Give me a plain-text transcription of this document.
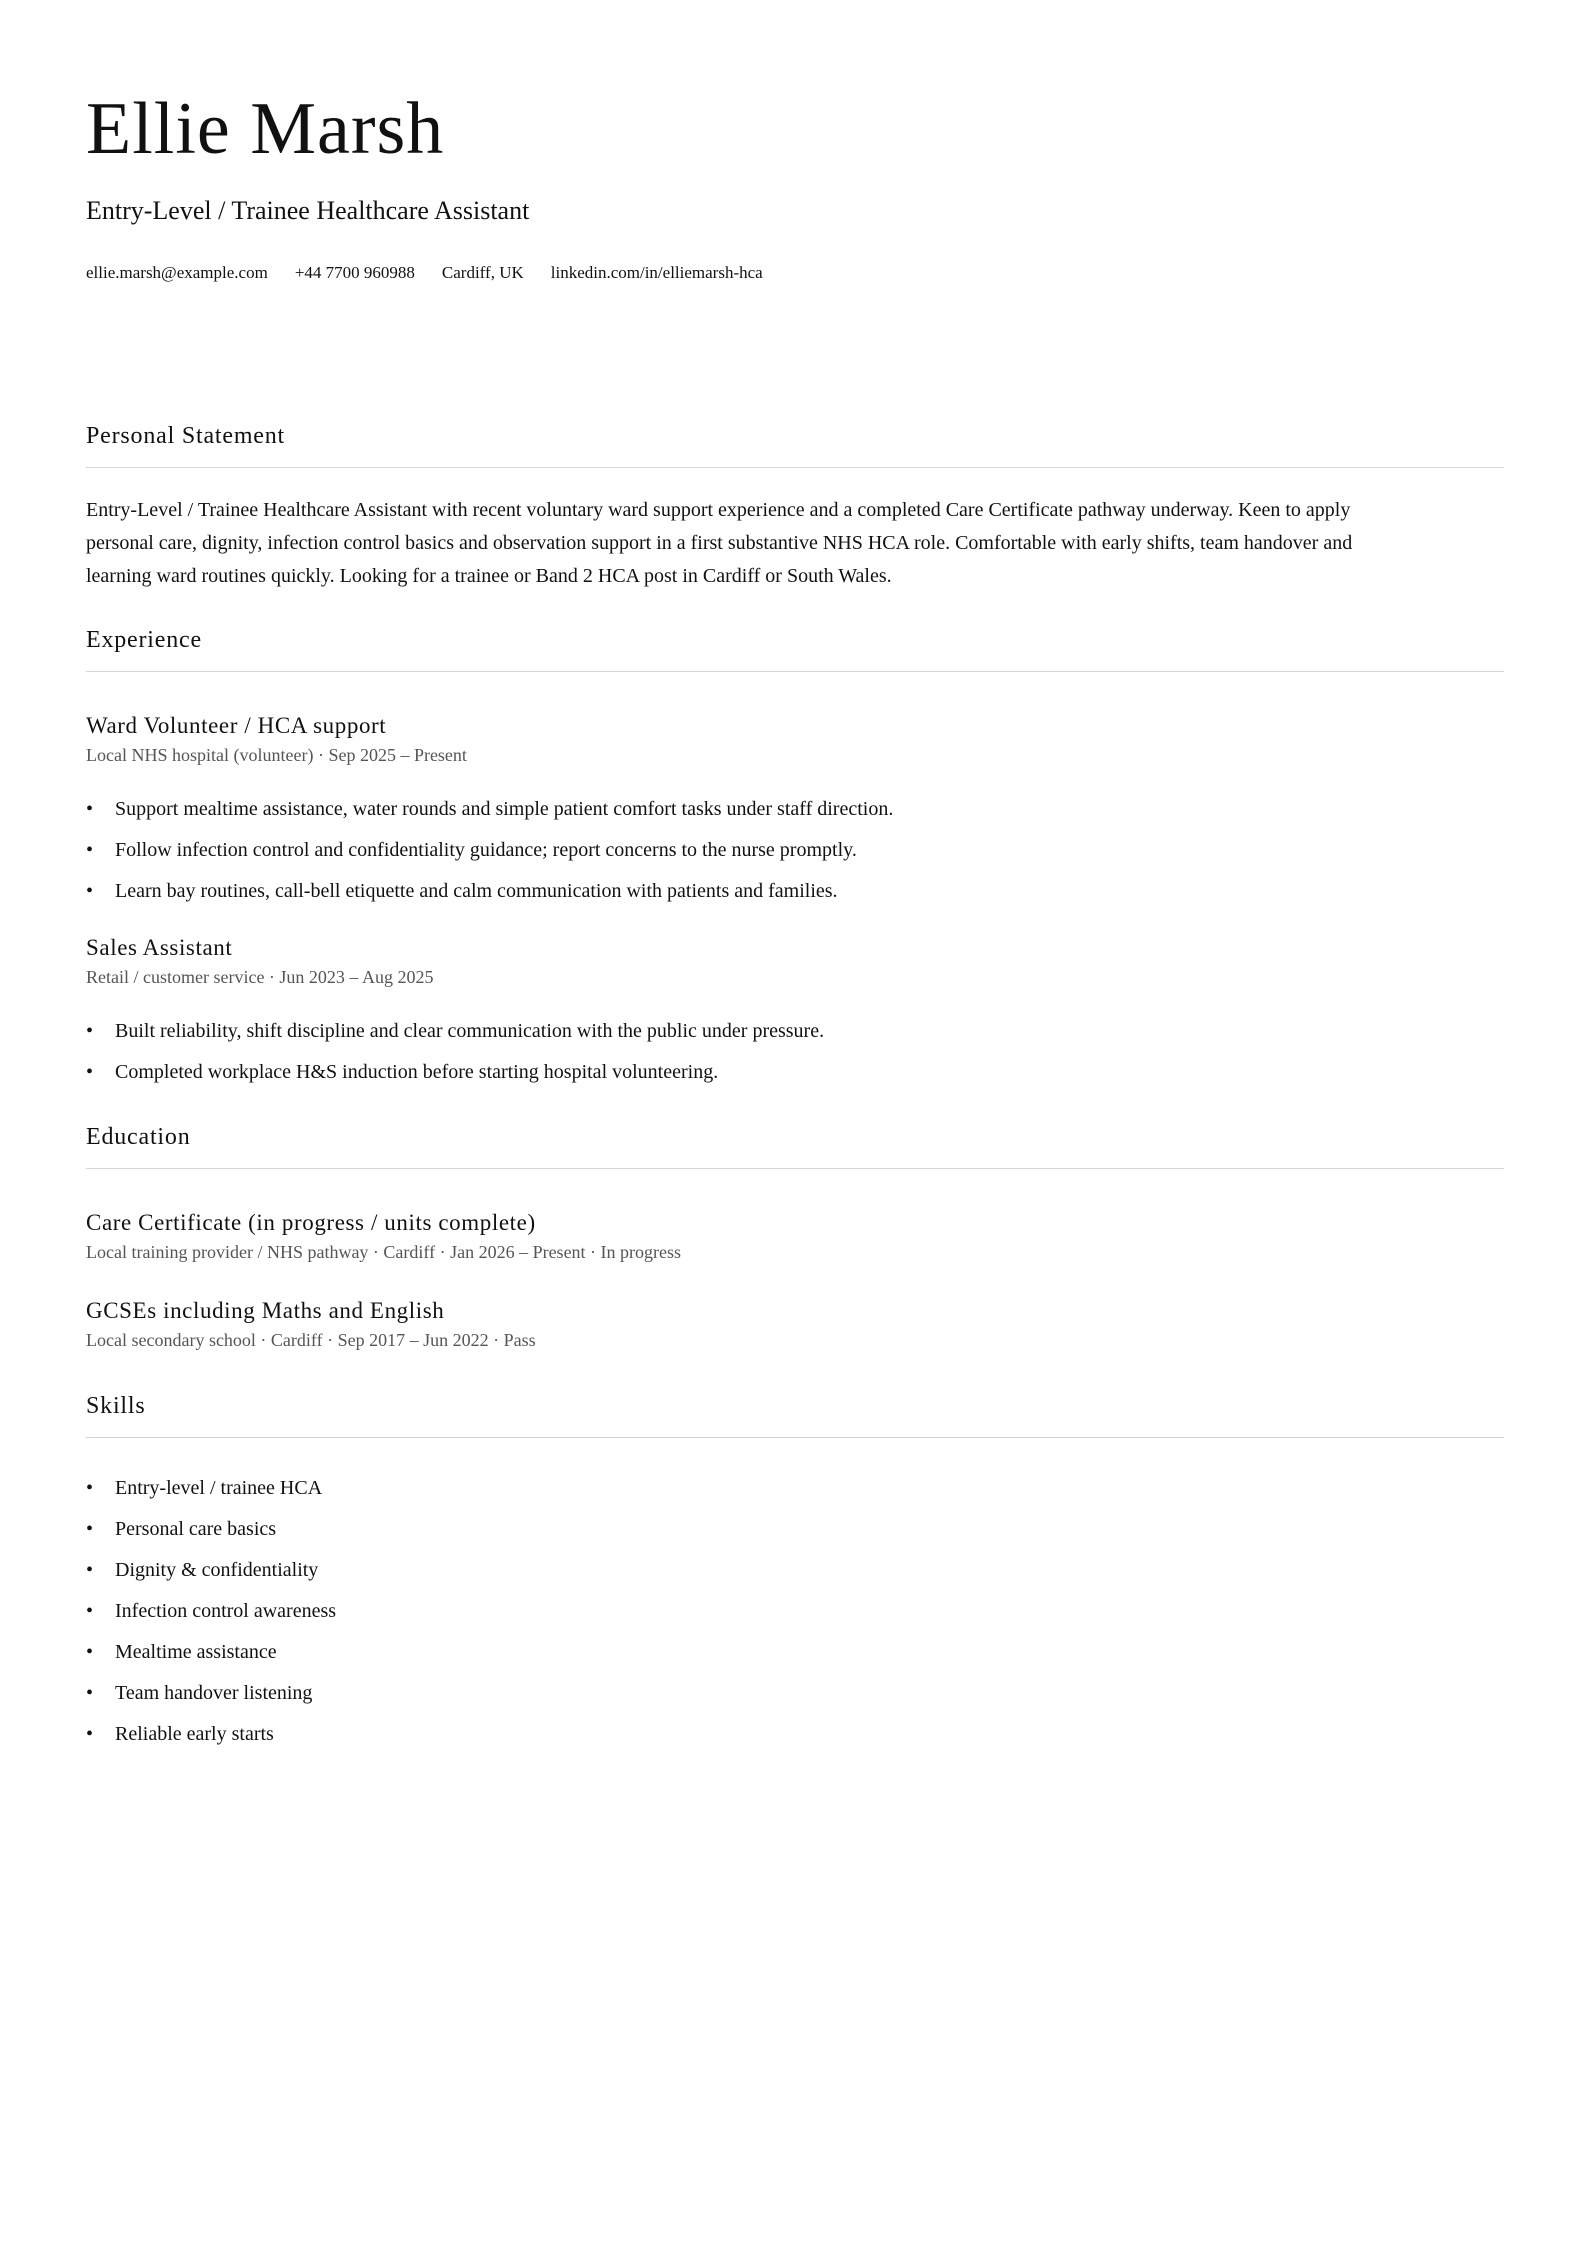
Ellie Marsh
Entry-Level / Trainee Healthcare Assistant
ellie.marsh@example.com +44 7700 960988 Cardiff, UK linkedin.com/in/elliemarsh-hca
Personal Statement
Entry-Level / Trainee Healthcare Assistant with recent voluntary ward support experience and a completed Care Certificate pathway underway. Keen to apply
personal care, dignity, infection control basics and observation support in a first substantive NHS HCA role. Comfortable with early shifts, team handover and
learning ward routines quickly. Looking for a trainee or Band 2 HCA post in Cardiff or South Wales.
Experience
Ward Volunteer / HCA support
Local NHS hospital (volunteer) · Sep 2025 – Present
• Support mealtime assistance, water rounds and simple patient comfort tasks under staff direction.
• Follow infection control and confidentiality guidance; report concerns to the nurse promptly.
• Learn bay routines, call-bell etiquette and calm communication with patients and families.
Sales Assistant
Retail / customer service · Jun 2023 – Aug 2025
• Built reliability, shift discipline and clear communication with the public under pressure.
• Completed workplace H&S induction before starting hospital volunteering.
Education
Care Certificate (in progress / units complete)
Local training provider / NHS pathway · Cardiff · Jan 2026 – Present · In progress
GCSEs including Maths and English
Local secondary school · Cardiff · Sep 2017 – Jun 2022 · Pass
Skills
• Entry-level / trainee HCA
• Personal care basics
• Dignity & confidentiality
• Infection control awareness
• Mealtime assistance
• Team handover listening
• Reliable early starts
